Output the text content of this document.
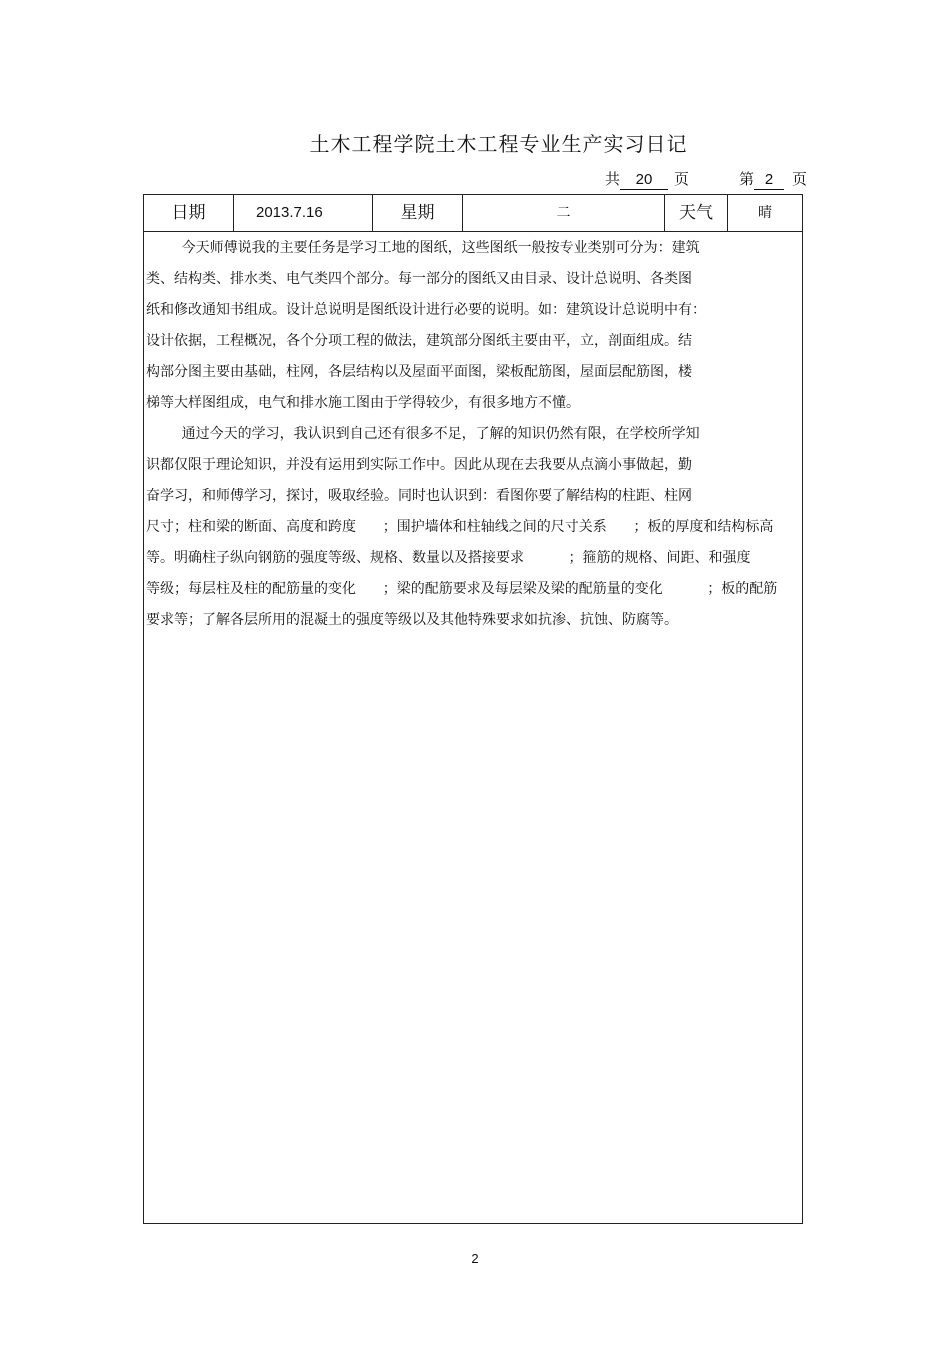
土木工程学院土木工程专业生产实习日记
共 20 页	第 2 页
日期	2013.7.16	星期	二	天气	晴

今天师傅说我的主要任务是学习工地的图纸，这些图纸一般按专业类别可分为：建筑
类、结构类、排水类、电气类四个部分。每一部分的图纸又由目录、设计总说明、各类图
纸和修改通知书组成。设计总说明是图纸设计进行必要的说明。如：建筑设计总说明中有：
设计依据，工程概况，各个分项工程的做法，建筑部分图纸主要由平，立，剖面组成。结
构部分图主要由基础，柱网，各层结构以及屋面平面图，梁板配筋图，屋面层配筋图，楼
梯等大样图组成，电气和排水施工图由于学得较少，有很多地方不懂。

通过今天的学习，我认识到自己还有很多不足，了解的知识仍然有限，在学校所学知
识都仅限于理论知识，并没有运用到实际工作中。因此从现在去我要从点滴小事做起，勤
奋学习，和师傅学习，探讨，吸取经验。同时也认识到：看图你要了解结构的柱距、柱网
尺寸；柱和梁的断面、高度和跨度      ；围护墙体和柱轴线之间的尺寸关系      ；板的厚度和结构标高
等。明确柱子纵向钢筋的强度等级、规格、数量以及搭接要求          ；箍筋的规格、间距、和强度
等级；每层柱及柱的配筋量的变化      ；梁的配筋要求及每层梁及梁的配筋量的变化          ；板的配筋
要求等；了解各层所用的混凝土的强度等级以及其他特殊要求如抗渗、抗蚀、防腐等。

2
